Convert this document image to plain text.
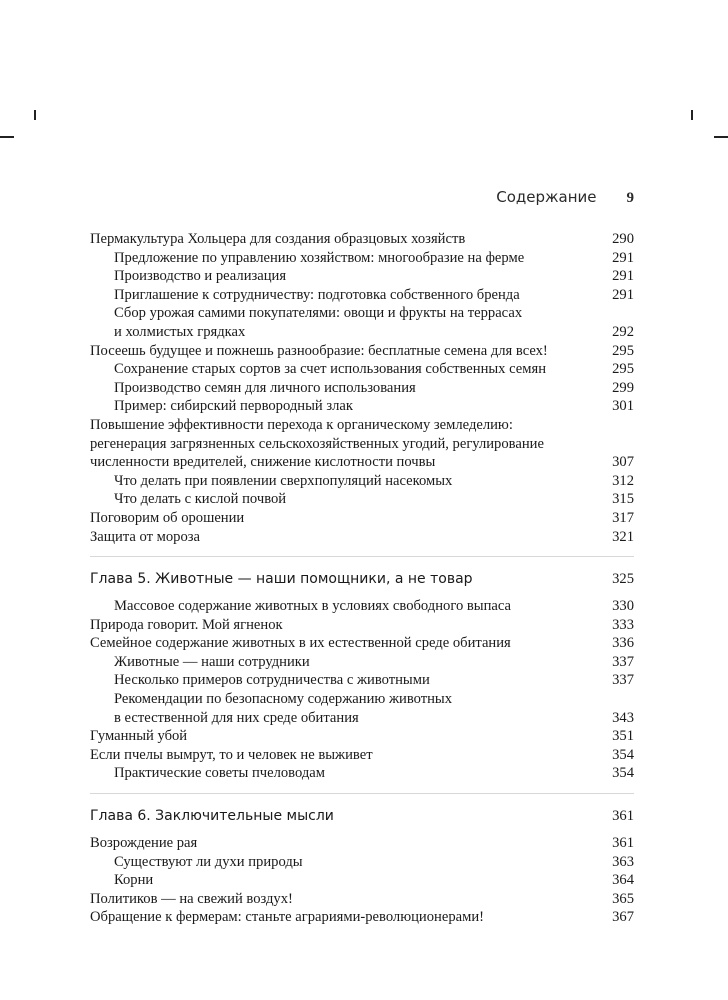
Содержание 9
Пермакультура Хольцера для создания образцовых хозяйств	290
Предложение по управлению хозяйством: многообразие на ферме	291
Производство и реализация	291
Приглашение к сотрудничеству: подготовка собственного бренда	291
Сбор урожая самими покупателями: овощи и фрукты на террасах
и холмистых грядках	292
Посеешь будущее и пожнешь разнообразие: бесплатные семена для всех!	295
Сохранение старых сортов за счет использования собственных семян	295
Производство семян для личного использования	299
Пример: сибирский первородный злак	301
Повышение эффективности перехода к органическому земледелию:
регенерация загрязненных сельскохозяйственных угодий, регулирование
численности вредителей, снижение кислотности почвы	307
Что делать при появлении сверхпопуляций насекомых	312
Что делать с кислой почвой	315
Поговорим об орошении	317
Защита от мороза	321
Глава 5. Животные — наши помощники, а не товар	325
Массовое содержание животных в условиях свободного выпаса	330
Природа говорит. Мой ягненок	333
Семейное содержание животных в их естественной среде обитания	336
Животные — наши сотрудники	337
Несколько примеров сотрудничества с животными	337
Рекомендации по безопасному содержанию животных
в естественной для них среде обитания	343
Гуманный убой	351
Если пчелы вымрут, то и человек не выживет	354
Практические советы пчеловодам	354
Глава 6. Заключительные мысли	361
Возрождение рая	361
Существуют ли духи природы	363
Корни	364
Политиков — на свежий воздух!	365
Обращение к фермерам: станьте аграриями-революционерами!	367
